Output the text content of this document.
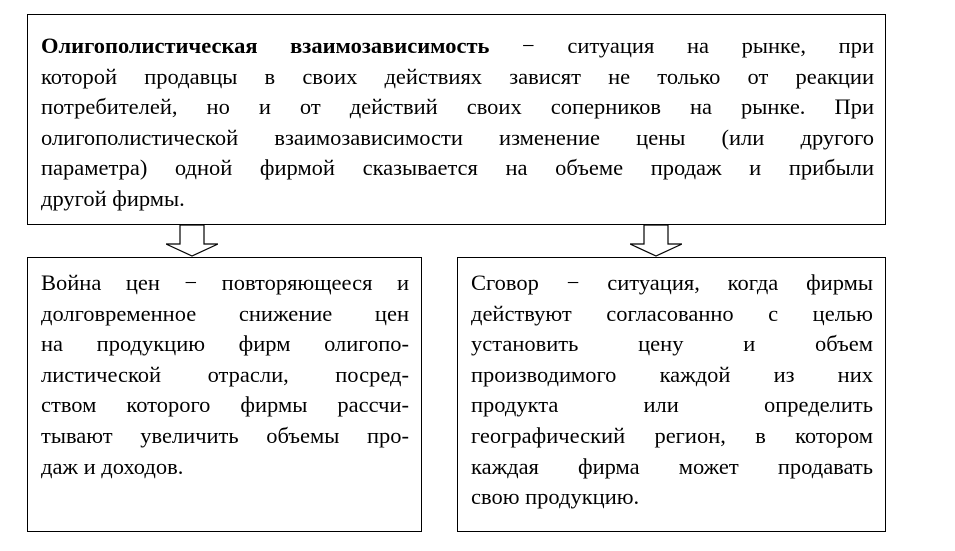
Олигополистическая взаимозависимость − ситуация на рынке, при
которой продавцы в своих действиях зависят не только от реакции
потребителей, но и от действий своих соперников на рынке. При
олигополистической взаимозависимости изменение цены (или другого
параметра) одной фирмой сказывается на объеме продаж и прибыли
другой фирмы.
Война цен − повторяющееся и
долговременное снижение цен
на продукцию фирм олигопо-
листической отрасли, посред-
ством которого фирмы рассчи-
тывают увеличить объемы про-
даж и доходов.
Сговор − ситуация, когда фирмы
действуют согласованно с целью
установить цену и объем
производимого каждой из них
продукта или определить
географический регион, в котором
каждая фирма может продавать
свою продукцию.
